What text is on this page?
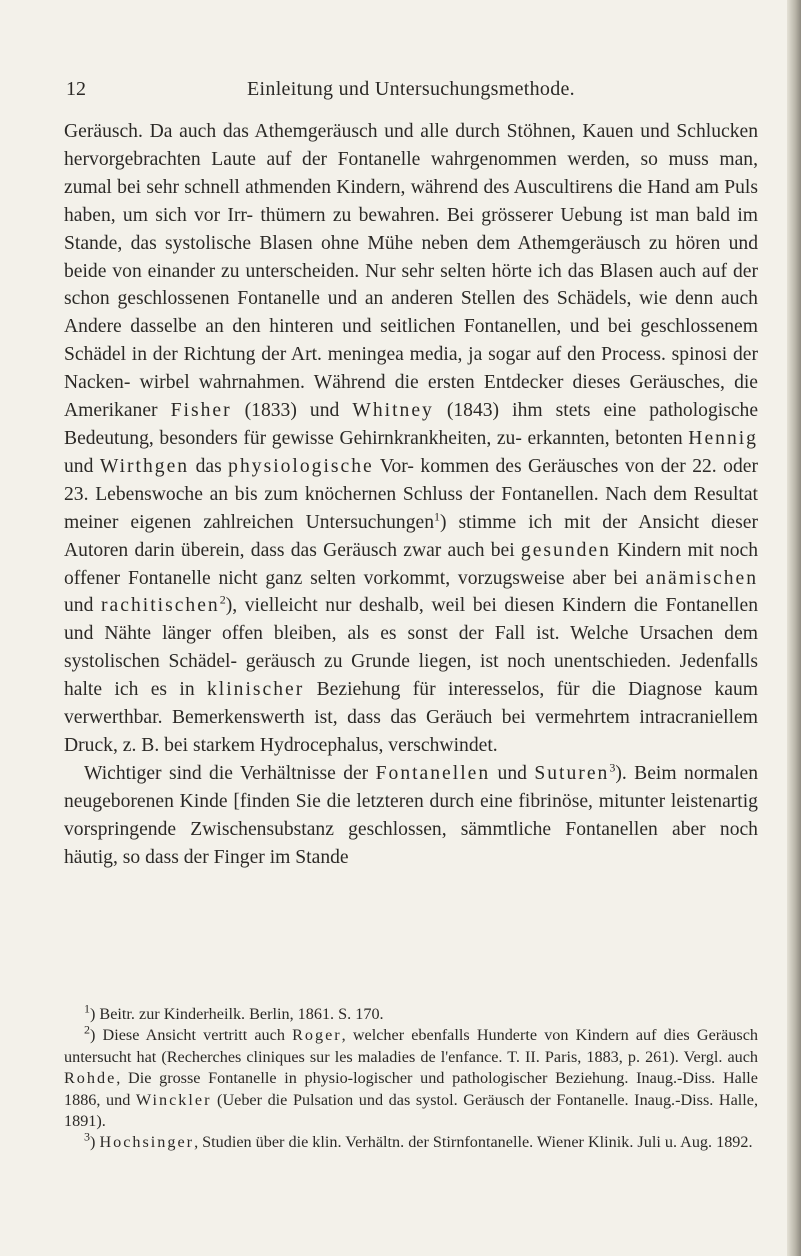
12	Einleitung und Untersuchungsmethode.

Geräusch. Da auch das Athemgeräusch und alle durch Stöhnen, Kauen und Schlucken hervorgebrachten Laute auf der Fontanelle wahrgenommen werden, so muss man, zumal bei sehr schnell athmenden Kindern, während des Auscultirens die Hand am Puls haben, um sich vor Irr- thümern zu bewahren. Bei grösserer Uebung ist man bald im Stande, das systolische Blasen ohne Mühe neben dem Athemgeräusch zu hören und beide von einander zu unterscheiden. Nur sehr selten hörte ich das Blasen auch auf der schon geschlossenen Fontanelle und an anderen Stellen des Schädels, wie denn auch Andere dasselbe an den hinteren und seitlichen Fontanellen, und bei geschlossenem Schädel in der Richtung der Art. meningea media, ja sogar auf den Process. spinosi der Nacken- wirbel wahrnahmen. Während die ersten Entdecker dieses Geräusches, die Amerikaner Fisher (1833) und Whitney (1843) ihm stets eine pathologische Bedeutung, besonders für gewisse Gehirnkrankheiten, zu- erkannten, betonten Hennig und Wirthgen das physiologische Vor- kommen des Geräusches von der 22. oder 23. Lebenswoche an bis zum knöchernen Schluss der Fontanellen. Nach dem Resultat meiner eigenen zahlreichen Untersuchungen$^1$) stimme ich mit der Ansicht dieser Autoren darin überein, dass das Geräusch zwar auch bei gesunden Kindern mit noch offener Fontanelle nicht ganz selten vorkommt, vorzugsweise aber bei anämischen und rachitischen$^2$), vielleicht nur deshalb, weil bei diesen Kindern die Fontanellen und Nähte länger offen bleiben, als es sonst der Fall ist. Welche Ursachen dem systolischen Schädel- geräusch zu Grunde liegen, ist noch unentschieden. Jedenfalls halte ich es in klinischer Beziehung für interesselos, für die Diagnose kaum verwerthbar. Bemerkenswerth ist, dass das Geräuch bei vermehrtem intracraniellem Druck, z. B. bei starkem Hydrocephalus, verschwindet.

Wichtiger sind die Verhältnisse der Fontanellen und Suturen$^3$). Beim normalen neugeborenen Kinde [finden Sie die letzteren durch eine fibrinöse, mitunter leistenartig vorspringende Zwischensubstanz geschlossen, sämmtliche Fontanellen aber noch häutig, so dass der Finger im Stande

$^1$) Beitr. zur Kinderheilk. Berlin, 1861. S. 170.

$^2$) Diese Ansicht vertritt auch Roger, welcher ebenfalls Hunderte von Kindern auf dies Geräusch untersucht hat (Recherches cliniques sur les maladies de l'enfance. T. II. Paris, 1883, p. 261). Vergl. auch Rohde, Die grosse Fontanelle in physio-logischer und pathologischer Beziehung. Inaug.-Diss. Halle 1886, und Winckler (Ueber die Pulsation und das systol. Geräusch der Fontanelle. Inaug.-Diss. Halle, 1891).

$^3$) Hochsinger, Studien über die klin. Verhältn. der Stirnfontanelle. Wiener Klinik. Juli u. Aug. 1892.
